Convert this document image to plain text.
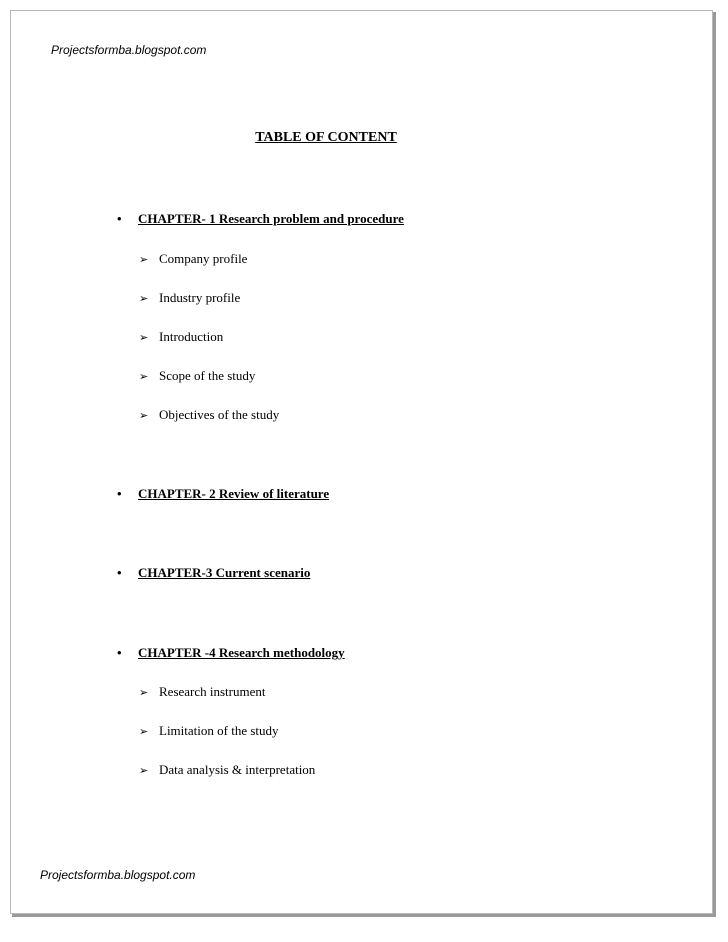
Projectsformba.blogspot.com
TABLE OF CONTENT
•	CHAPTER- 1 Research problem and procedure
➢ Company profile
➢ Industry profile
➢ Introduction
➢ Scope of the study
➢ Objectives of the study
•	CHAPTER- 2 Review of literature
•	CHAPTER-3 Current scenario
•	CHAPTER -4 Research methodology
➢ Research instrument
➢ Limitation of the study
➢ Data analysis & interpretation
Projectsformba.blogspot.com
